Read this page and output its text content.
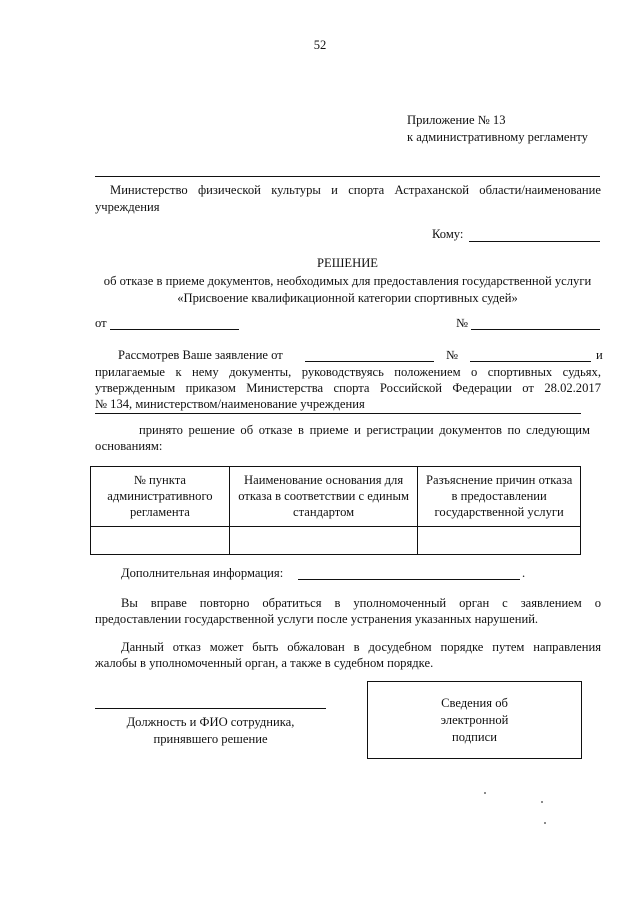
52
Приложение № 13
к административному регламенту
Министерство физической культуры и спорта Астраханской области/наименование
учреждения
Кому:
РЕШЕНИЕ
об отказе в приеме документов, необходимых для предоставления государственной услуги
«Присвоение квалификационной категории спортивных судей»
от	№
Рассмотрев Ваше заявление от	№	и
прилагаемые к нему документы, руководствуясь положением о спортивных судьях,
утвержденным приказом Министерства спорта Российской Федерации от 28.02.2017
№ 134, министерством/наименование учреждения
принято решение об отказе в приеме и регистрации документов по следующим
основаниям:
№ пункта административного регламента	Наименование основания для отказа в соответствии с единым стандартом	Разъяснение причин отказа в предоставлении государственной услуги

Дополнительная информация:	.
Вы вправе повторно обратиться в уполномоченный орган с заявлением о
предоставлении государственной услуги после устранения указанных нарушений.
Данный отказ может быть обжалован в досудебном порядке путем направления
жалобы в уполномоченный орган, а также в судебном порядке.
Должность и ФИО сотрудника,
принявшего решение
Сведения об
электронной
подписи
